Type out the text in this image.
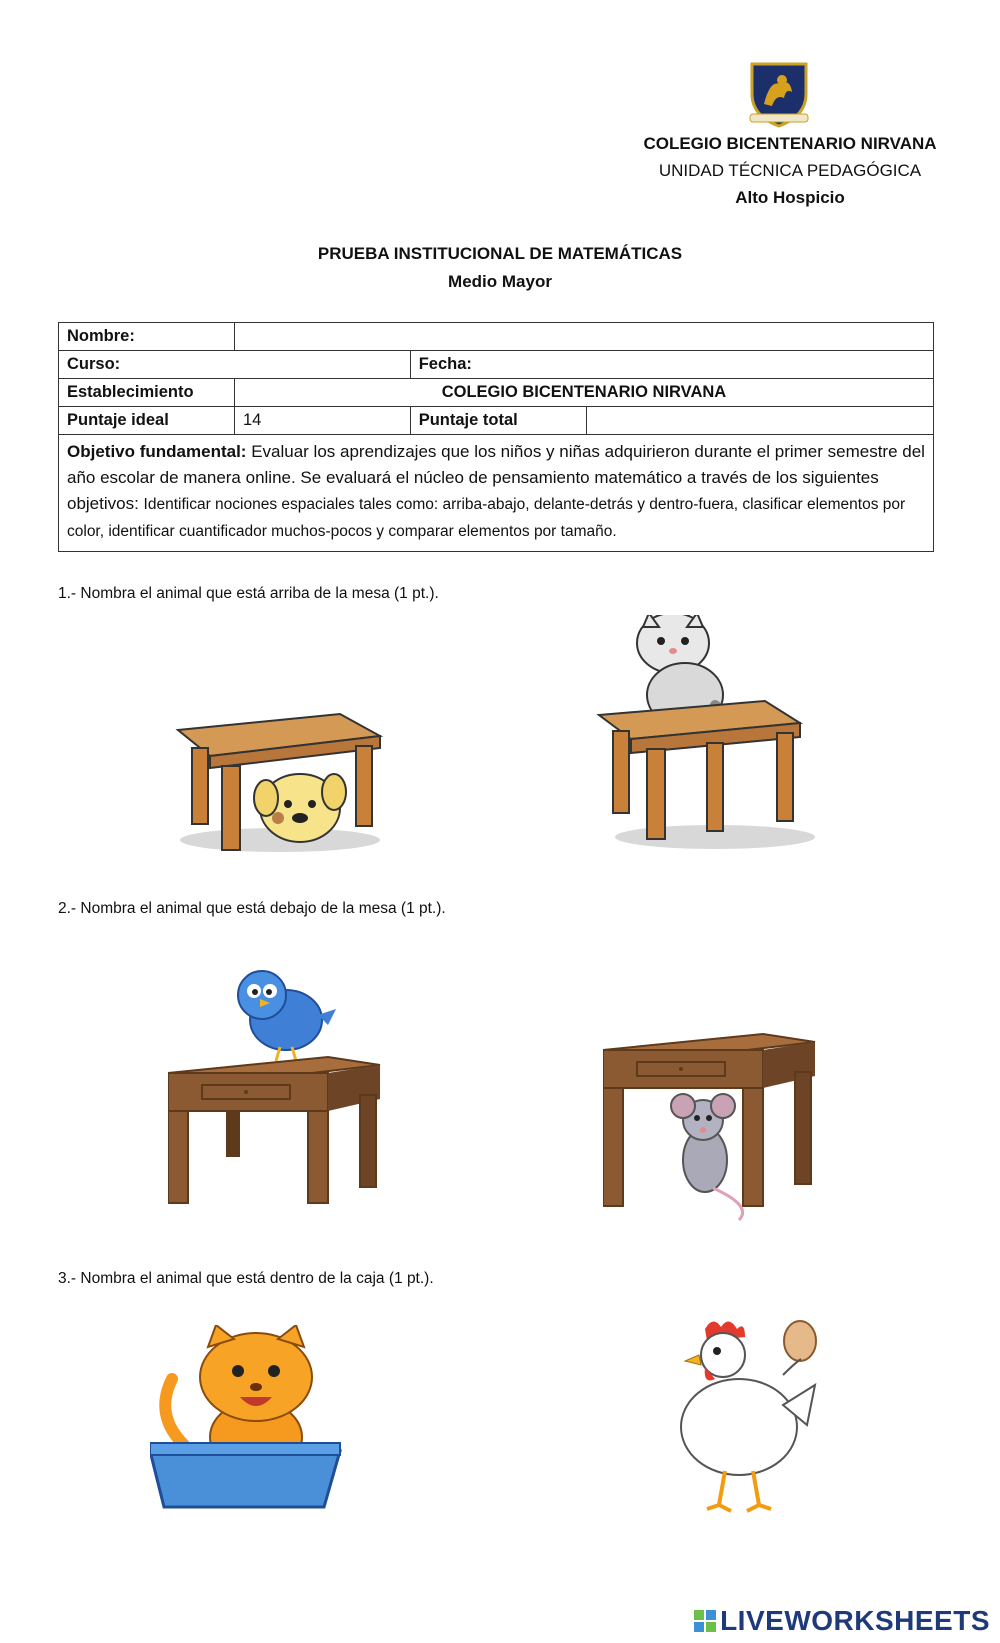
COLEGIO BICENTENARIO NIRVANA
UNIDAD TÉCNICA PEDAGÓGICA
Alto Hospicio
PRUEBA INSTITUCIONAL DE MATEMÁTICAS
Medio Mayor
Nombre:			
Curso:		Fecha:	
Establecimiento	COLEGIO BICENTENARIO NIRVANA		
Puntaje ideal	14	Puntaje total	
Objetivo fundamental: Evaluar los aprendizajes que los niños y niñas adquirieron durante el primer semestre del año escolar de manera online. Se evaluará el núcleo de pensamiento matemático a través de los siguientes objetivos: Identificar nociones espaciales tales como: arriba-abajo, delante-detrás y dentro-fuera, clasificar elementos por color, identificar cuantificador muchos-pocos y comparar elementos por tamaño.			
1.- Nombra el animal que está arriba de la mesa (1 pt.).
2.- Nombra el animal que está debajo de la mesa (1 pt.).
3.- Nombra el animal que está dentro de la caja (1 pt.).
LIVEWORKSHEETS
